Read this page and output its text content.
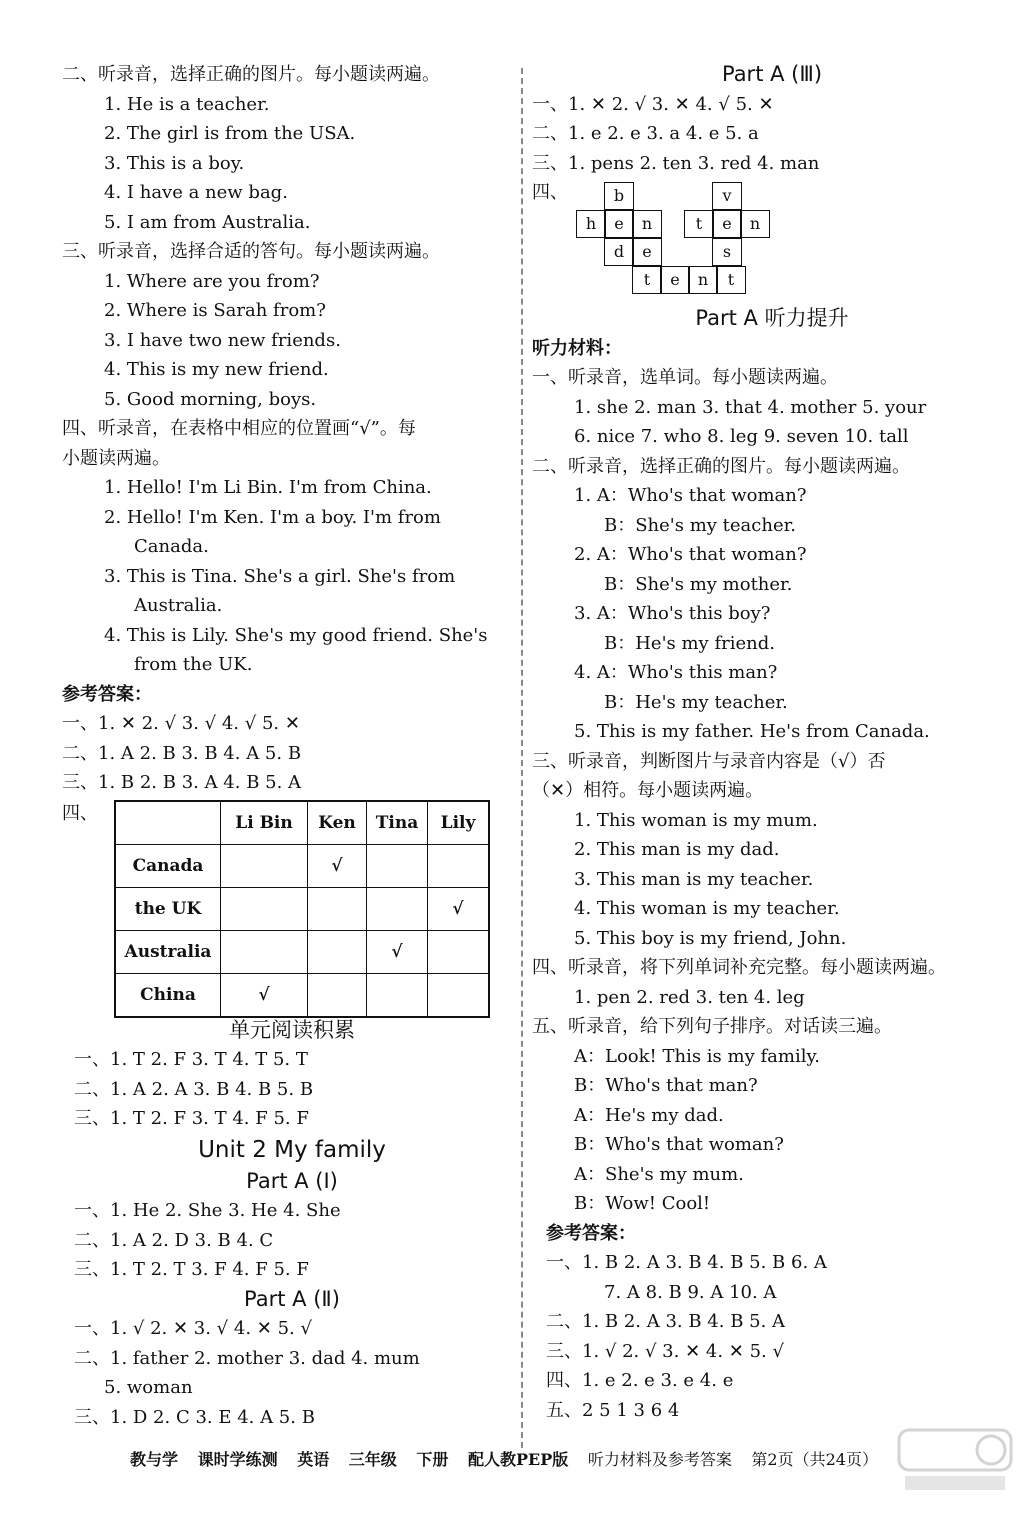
二、听录音，选择正确的图片。每小题读两遍。
1. He is a teacher.
2. The girl is from the USA.
3. This is a boy.
4. I have a new bag.
5. I am from Australia.
三、听录音，选择合适的答句。每小题读两遍。
1. Where are you from?
2. Where is Sarah from?
3. I have two new friends.
4. This is my new friend.
5. Good morning, boys.
四、听录音，在表格中相应的位置画“√”。每
小题读两遍。
1. Hello! I'm Li Bin. I'm from China.
2. Hello! I'm Ken. I'm a boy. I'm from
Canada.
3. This is Tina. She's a girl. She's from
Australia.
4. This is Lily. She's my good friend. She's
from the UK.
参考答案：
一、1. ✕ 2. √ 3. √ 4. √ 5. ✕
二、1. A 2. B 3. B 4. A 5. B
三、1. B 2. B 3. A 4. B 5. A
四、
		Li Bin	Ken	Tina	Lily
Canada		√		
the UK				√
Australia			√	
China	√			
单元阅读积累
一、1. T 2. F 3. T 4. T 5. T
二、1. A 2. A 3. B 4. B 5. B
三、1. T 2. F 3. T 4. F 5. F
Unit 2 My family
Part A (Ⅰ)
一、1. He 2. She 3. He 4. She
二、1. A 2. D 3. B 4. C
三、1. T 2. T 3. F 4. F 5. F
Part A (Ⅱ)
一、1. √ 2. ✕ 3. √ 4. ✕ 5. √
二、1. father 2. mother 3. dad 4. mum
5. woman
三、1. D 2. C 3. E 4. A 5. B
Part A (Ⅲ)
一、1. ✕ 2. √ 3. ✕ 4. √ 5. ✕
二、1. e 2. e 3. a 4. e 5. a
三、1. pens 2. ten 3. red 4. man
四、	b	v
h	e	n	t	e	n
d	e	s
t	e	n	t
Part A 听力提升
听力材料：
一、听录音，选单词。每小题读两遍。
1. she 2. man 3. that 4. mother 5. your
6. nice 7. who 8. leg 9. seven 10. tall
二、听录音，选择正确的图片。每小题读两遍。
1. A：Who's that woman?
B：She's my teacher.
2. A：Who's that woman?
B：She's my mother.
3. A：Who's this boy?
B：He's my friend.
4. A：Who's this man?
B：He's my teacher.
5. This is my father. He's from Canada.
三、听录音，判断图片与录音内容是（√）否
（✕）相符。每小题读两遍。
1. This woman is my mum.
2. This man is my dad.
3. This man is my teacher.
4. This woman is my teacher.
5. This boy is my friend, John.
四、听录音，将下列单词补充完整。每小题读两遍。
1. pen 2. red 3. ten 4. leg
五、听录音，给下列句子排序。对话读三遍。
A：Look! This is my family.
B：Who's that man?
A：He's my dad.
B：Who's that woman?
A：She's my mum.
B：Wow! Cool!
参考答案：
一、1. B 2. A 3. B 4. B 5. B 6. A
7. A 8. B 9. A 10. A
二、1. B 2. A 3. B 4. B 5. A
三、1. √ 2. √ 3. ✕ 4. ✕ 5. √
四、1. e 2. e 3. e 4. e
五、2 5 1 3 6 4
教与学 课时学练测 英语 三年级 下册 配人教PEP版 听力材料及参考答案 第2页（共24页）
